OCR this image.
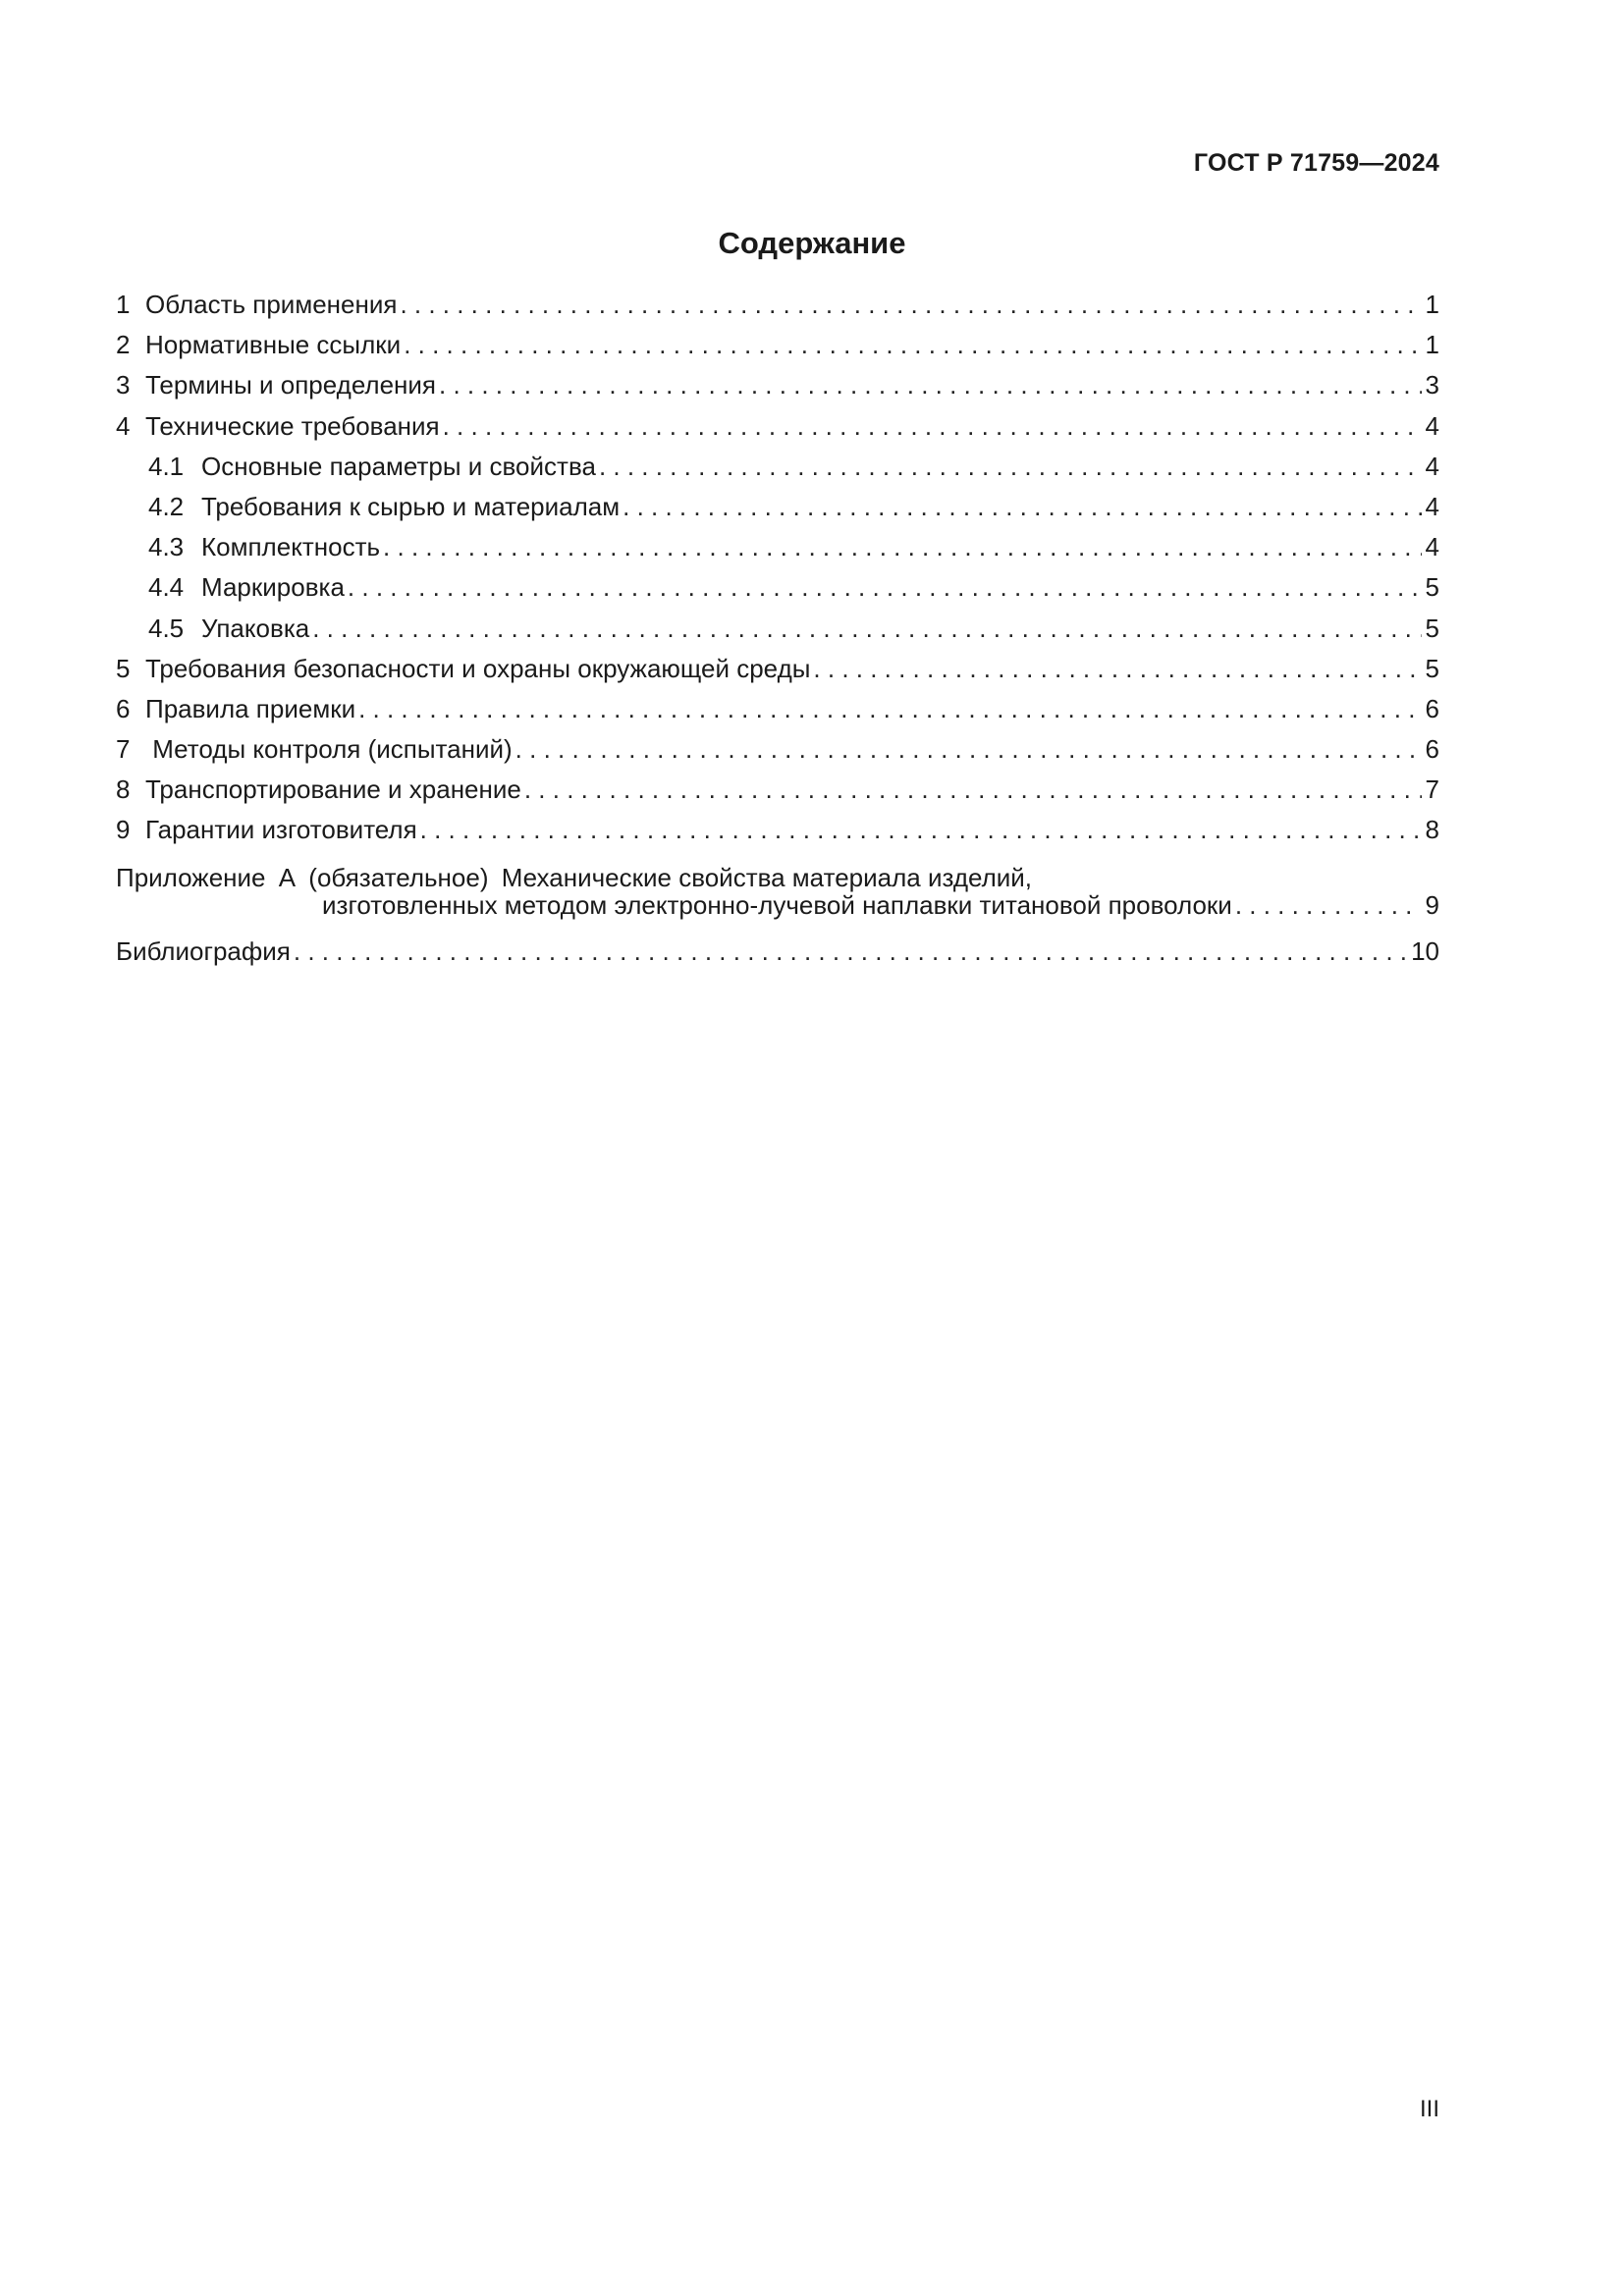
ГОСТ Р 71759—2024
Содержание
1 Область применения . . .	1
2 Нормативные ссылки . . .	1
3 Термины и определения . . .	3
4 Технические требования . . .	4
4.1 Основные параметры и свойства . . .	4
4.2 Требования к сырью и материалам . . .	4
4.3 Комплектность . . .	4
4.4 Маркировка . . .	5
4.5 Упаковка . . .	5
5 Требования безопасности и охраны окружающей среды . . .	5
6 Правила приемки . . .	6
7 Методы контроля (испытаний) . . .	6
8 Транспортирование и хранение . . .	7
9 Гарантии изготовителя . . .	8
Приложение А (обязательное) Механические свойства материала изделий,
изготовленных методом электронно-лучевой наплавки титановой проволоки . . .	9
Библиография . . .	10
III
